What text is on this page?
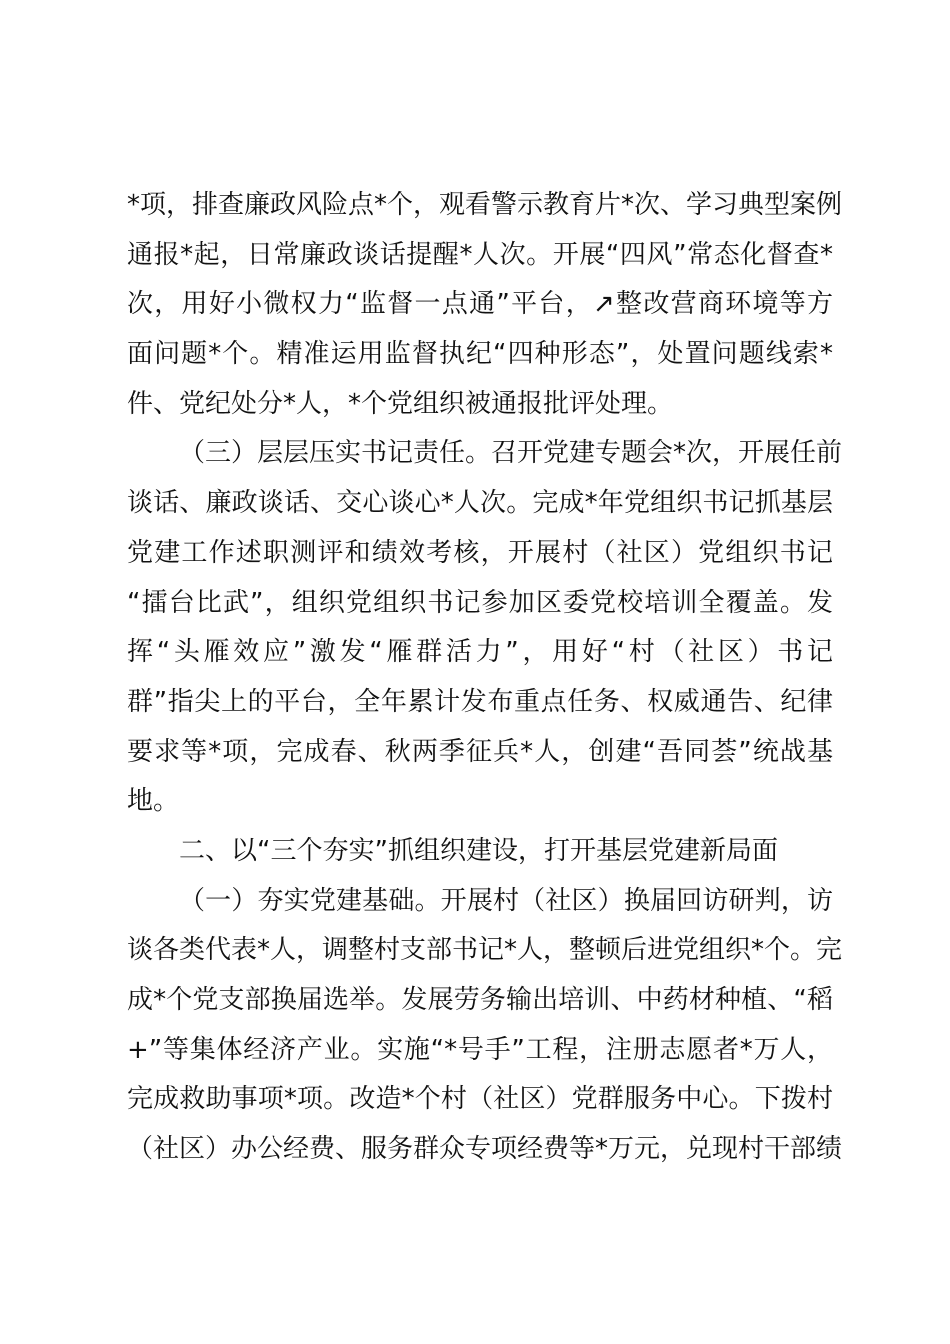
*项，排查廉政风险点*个，观看警示教育片*次、学习典型案例
通报*起，日常廉政谈话提醒*人次。开展“四风”常态化督查*
次，用好小微权力“监督一点通”平台，↗整改营商环境等方
面问题*个。精准运用监督执纪“四种形态”，处置问题线索*
件、党纪处分*人，*个党组织被通报批评处理。
（三）层层压实书记责任。召开党建专题会*次，开展任前
谈话、廉政谈话、交心谈心*人次。完成*年党组织书记抓基层
党建工作述职测评和绩效考核，开展村（社区）党组织书记
“擂台比武”，组织党组织书记参加区委党校培训全覆盖。发
挥“头雁效应”激发“雁群活力”，用好“村（社区）书记
群”指尖上的平台，全年累计发布重点任务、权威通告、纪律
要求等*项，完成春、秋两季征兵*人，创建“吾同荟”统战基
地。
二、以“三个夯实”抓组织建设，打开基层党建新局面
（一）夯实党建基础。开展村（社区）换届回访研判，访
谈各类代表*人，调整村支部书记*人，整顿后进党组织*个。完
成*个党支部换届选举。发展劳务输出培训、中药材种植、“稻
+”等集体经济产业。实施“*号手”工程，注册志愿者*万人，
完成救助事项*项。改造*个村（社区）党群服务中心。下拨村
（社区）办公经费、服务群众专项经费等*万元，兑现村干部绩
